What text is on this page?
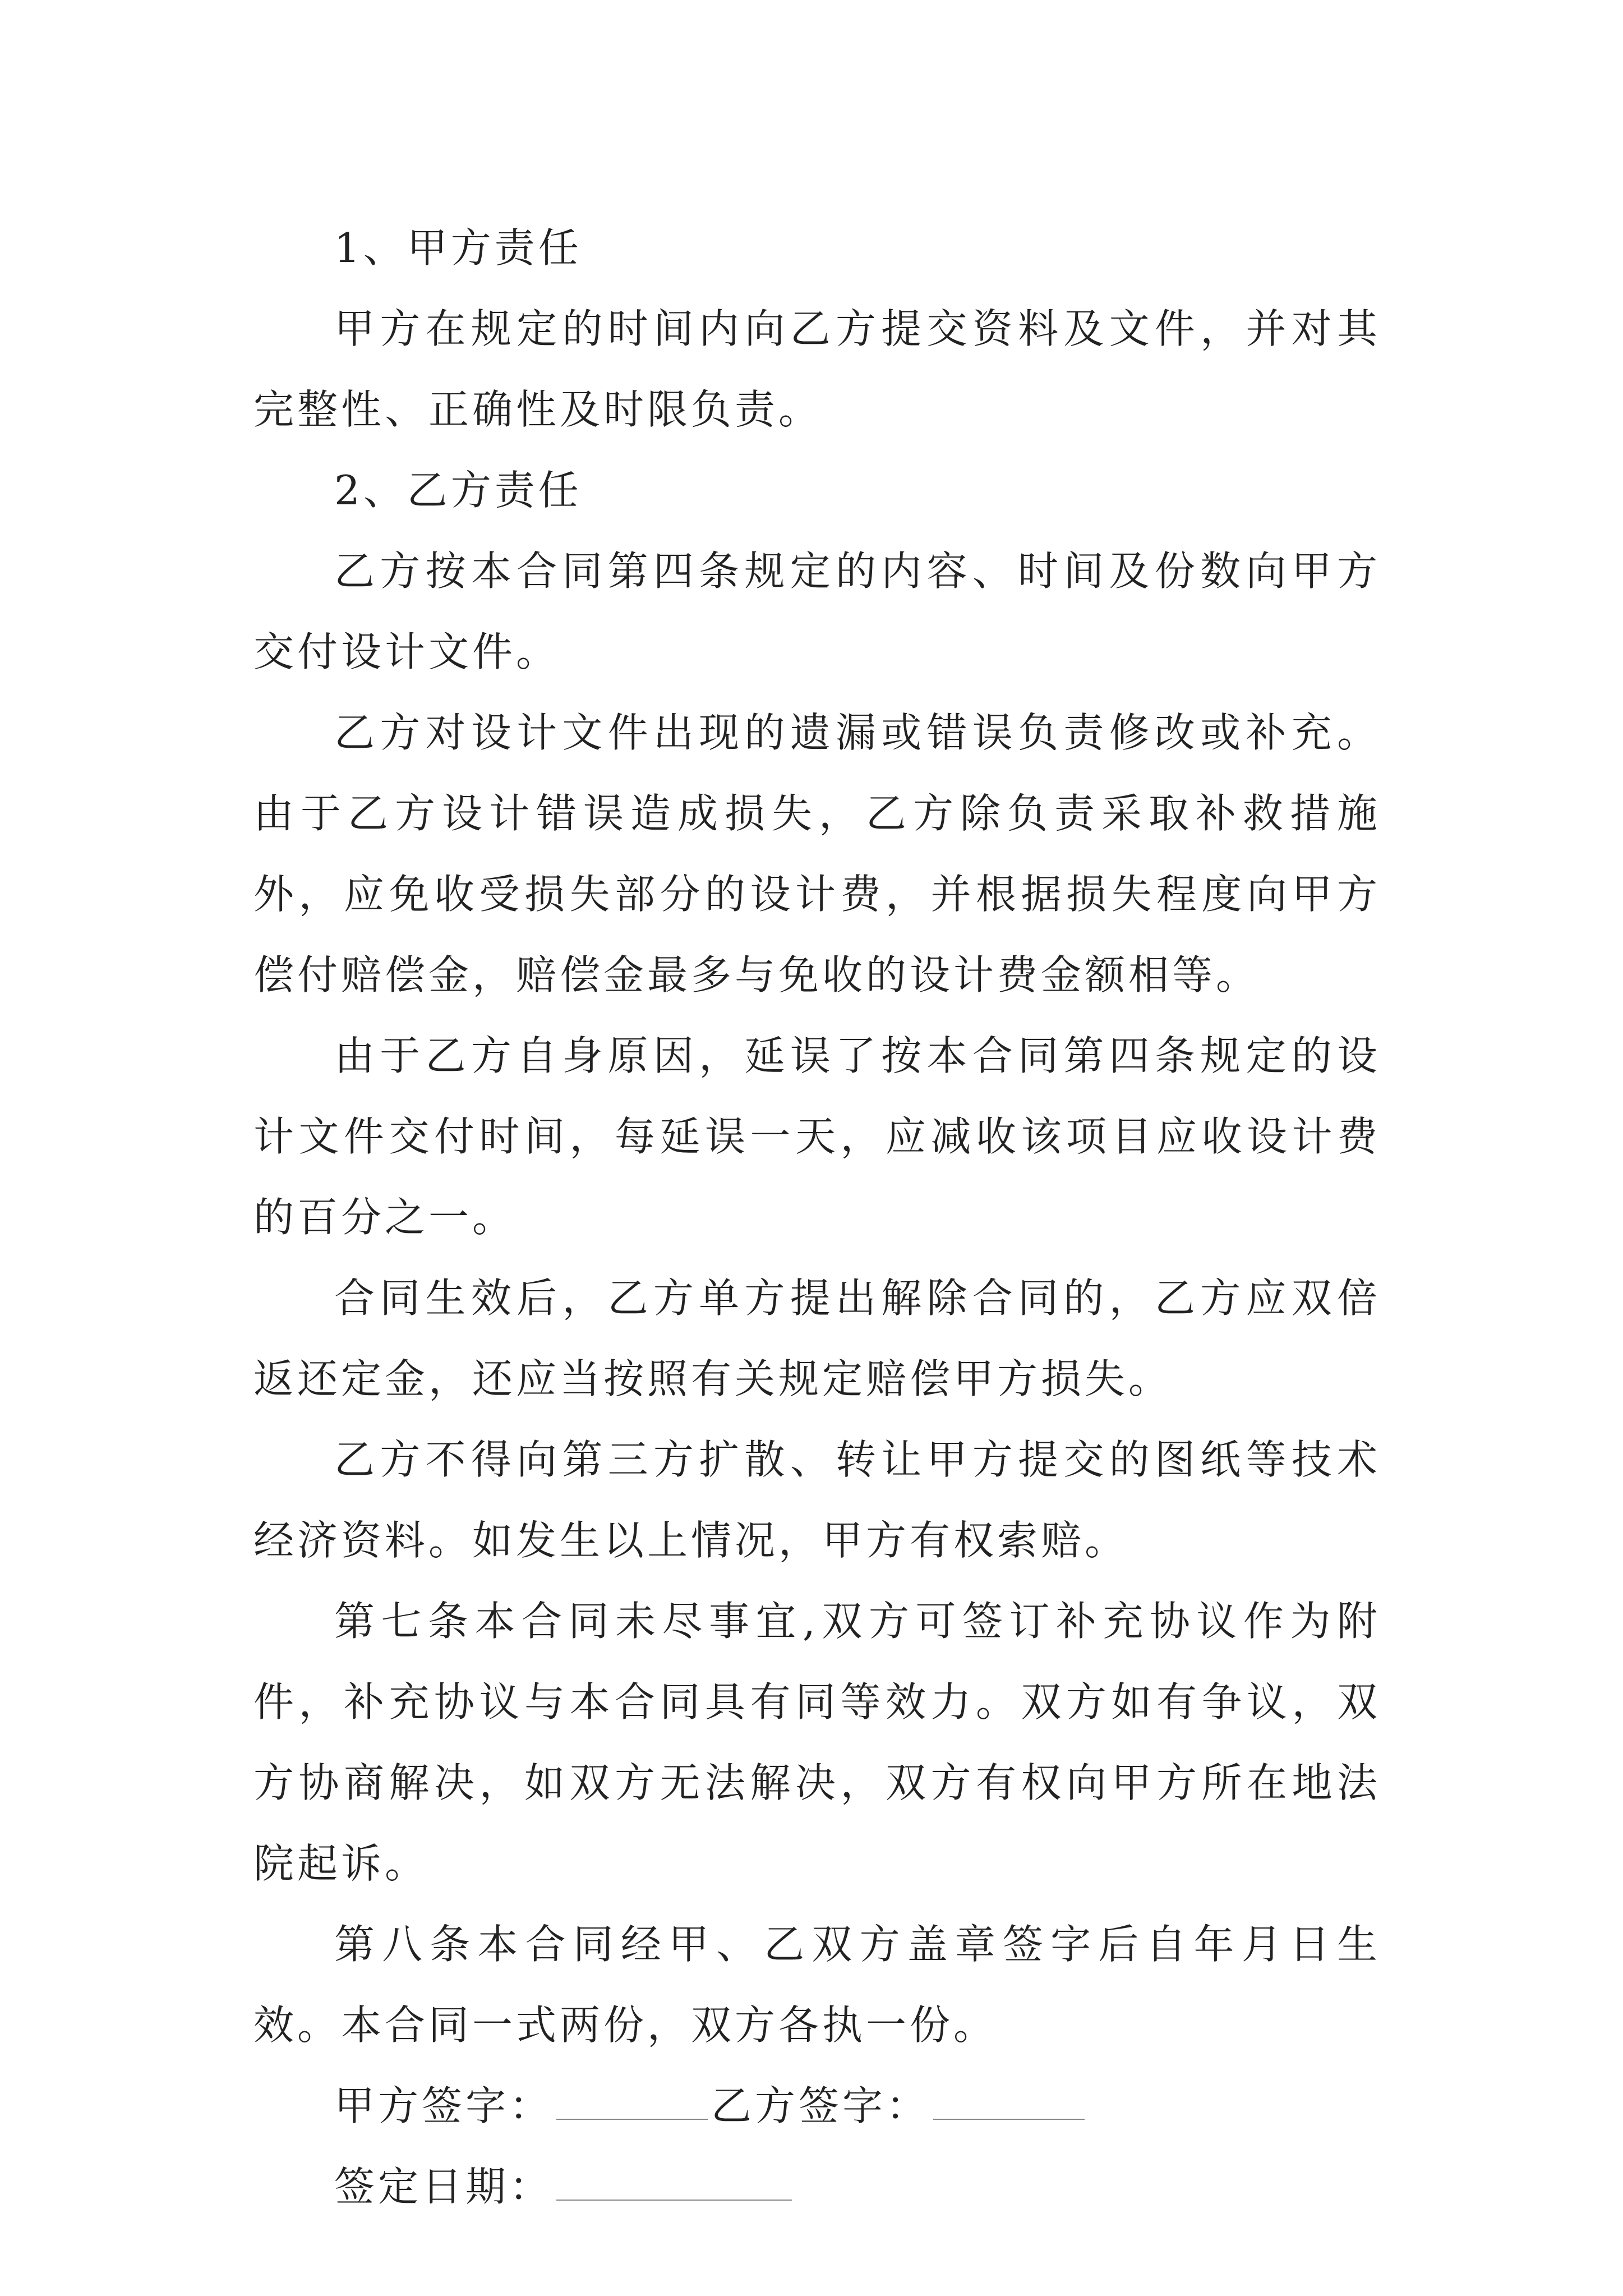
1、甲方责任

甲方在规定的时间内向乙方提交资料及文件，并对其完整性、正确性及时限负责。

2、乙方责任

乙方按本合同第四条规定的内容、时间及份数向甲方交付设计文件。

乙方对设计文件出现的遗漏或错误负责修改或补充。由于乙方设计错误造成损失，乙方除负责采取补救措施外，应免收受损失部分的设计费，并根据损失程度向甲方偿付赔偿金，赔偿金最多与免收的设计费金额相等。

由于乙方自身原因，延误了按本合同第四条规定的设计文件交付时间，每延误一天，应减收该项目应收设计费的百分之一。

合同生效后，乙方单方提出解除合同的，乙方应双倍返还定金，还应当按照有关规定赔偿甲方损失。

乙方不得向第三方扩散、转让甲方提交的图纸等技术经济资料。如发生以上情况，甲方有权索赔。

第七条本合同未尽事宜,双方可签订补充协议作为附件，补充协议与本合同具有同等效力。双方如有争议，双方协商解决，如双方无法解决，双方有权向甲方所在地法院起诉。

第八条本合同经甲、乙双方盖章签字后自年月日生效。本合同一式两份，双方各执一份。

甲方签字：	乙方签字：
签定日期：
